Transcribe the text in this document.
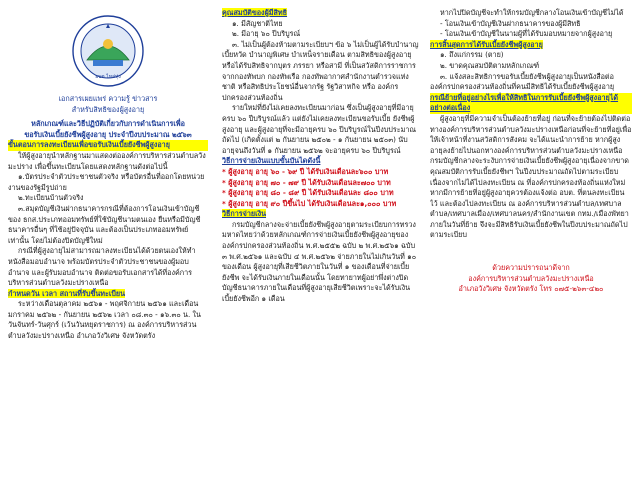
อบต.ไหล่ทุ่ง

เอกสารเผยแพร่ ความรู้ ข่าวสาร

สำหรับสิทธิของผู้สูงอายุ

หลักเกณฑ์และวิธีปฏิบัติเกี่ยวกับการดำเนินการเพื่อ

ขอรับเงินเบี้ยยังชีพผู้สูงอายุ ประจำปีงบประมาณ ๒๕๖๓

ขั้นตอนการลงทะเบียนเพื่อขอรับเงินเบี้ยยังชีพผู้สูงอายุ

ให้ผู้สูงอายุนำหลักฐานมาแสดงต่อองค์การบริหารส่วนตำบลวังมะปราง เพื่อขึ้นทะเบียนโดยแสดงหลักฐานดังต่อไปนี้

๑.บัตรประจำตัวประชาชนตัวจริง หรือบัตรอื่นที่ออกโดยหน่วยงานของรัฐมีรูปถ่าย

๒.ทะเบียนบ้านตัวจริง

๓.สมุดบัญชีเงินฝากธนาคารกรณีที่ต้องการโอนเงินเข้าบัญชีของ ธกส.ประเภทออมทรัพย์ที่ใช้บัญชีนามตนเอง ยืนหรือมีบัญชีธนาคารอื่นๆ ที่ใช้อยู่ปัจจุบัน และต้องเป็นประเภทออมทรัพย์เท่านั้น โดยไม่ต้องปิดบัญชีใหม่

กรณีที่ผู้สูงอายุไม่สามารถมาลงทะเบียนได้ด้วยตนเองให้ทำหนังสือมอบอำนาจ พร้อมบัตรประจำตัวประชาชนของผู้มอบอำนาจ และผู้รับมอบอำนาจ ติดต่อขอรับเอกสารได้ที่องค์การบริหารส่วนตำบลวังมะปรางเหนือ

กำหนดวัน เวลา สถานที่รับขึ้นทะเบียน

ระหว่างเดือนตุลาคม ๒๕๖๑ - พฤศจิกายน ๒๕๖๑ และเดือนมกราคม ๒๕๖๒ - กันยายน ๒๕๖๒ เวลา ๐๘.๓๐ - ๑๖.๓๐ น. ในวันจันทร์-วันศุกร์ (เว้นวันหยุดราชการ) ณ องค์การบริหารส่วนตำบลวังมะปรางเหนือ อำเภอวังวิเศษ จังหวัดตรัง

คุณสมบัติของผู้มีสิทธิ

๑. มีสัญชาติไทย

๒. มีอายุ ๖๐ ปีบริบูรณ์

๓. ไม่เป็นผู้ต้องห้ามตามระเบียบฯ ข้อ ๖ ไม่เป็นผู้ได้รับบำนาญ เบี้ยหวัด บำนาญพิเศษ บำเหน็จรายเดือน ตามสิทธิของผู้สูงอายุ หรือได้รับสิทธิจากบุตร ภรรยา หรือสามี ที่เป็นสวัสดิการราชการ จากกองทัพบก กองทัพเรือ กองทัพอากาศสำนักงานตำรวจแห่งชาติ หรือสิทธิประโยชน์อื่นจากรัฐ รัฐวิสาหกิจ หรือ องค์กรปกครองส่วนท้องถิ่น

รายใหม่ที่ยังไม่เคยลงทะเบียนมาก่อน ซึ่งเป็นผู้สูงอายุที่มีอายุครบ ๖๐ ปีบริบูรณ์แล้ว แต่ยังไม่เคยลงทะเบียนขอรับเบี้ย ยังชีพผู้สูงอายุ และผู้สูงอายุที่จะมีอายุครบ ๖๐ ปีบริบูรณ์ในปีงบประมาณถัดไป (เกิดตั้งแต่ ๒ กันยายน ๒๕๐๒ - ๑ กันยายน ๒๕๐๓) นับอายุจนถึงวันที่ ๑ กันยายน ๒๕๖๒ จะอายุครบ ๖๐ ปีบริบูรณ์

วิธีการจ่ายเงินแบบขั้นบันไดดังนี้

* ผู้สูงอายุ อายุ ๖๐ - ๖๙ ปี ได้รับเงินเดือนละ๖๐๐ บาท

* ผู้สูงอายุ อายุ ๗๐ - ๗๙ ปี ได้รับเงินเดือนละ๗๐๐ บาท

* ผู้สูงอายุ อายุ ๘๐ - ๘๙ ปี ได้รับเงินเดือนละ ๘๐๐ บาท

* ผู้สูงอายุ อายุ ๙๐ ปีขึ้นไป ได้รับเงินเดือนละ๑,๐๐๐ บาท

วิธีการจ่ายเงิน

กรมบัญชีกลางจะจ่ายเบี้ยยังชีพผู้สูงอายุตามระเบียบการทรวงมหาดไทยว่าด้วยหลักเกณฑ์การจ่ายเงินเบี้ยยังชีพผู้สูงอายุขององค์กรปกครองส่วนท้องถิ่น พ.ศ.๒๕๕๒ ฉบับ ๒ พ.ศ.๒๕๖๑ ฉบับ ๓ พ.ศ.๒๕๖๑ และฉบับ ๔ พ.ศ.๒๕๖๒ จ่ายภายในไม่เกินวันที่ ๑๐ ของเดือน ผู้สูงอายุที่เสียชีวิตภายในวันที่ ๑ ของเดือนที่จ่ายเบี้ยยังชีพ จะได้รับเงินภายในเดือนนั้น โดยทายาทผู้อย่าพึ่งต่างปิดบัญชีธนาคารภายในเดือนที่ผู้สูงอายุเสียชีวิตเพราะจะได้รับเงินเบี้ยยังชีพอีก ๑ เดือน

หากไปปิดบัญชีจะทำให้กรมบัญชีกลางโอนเงินเข้าบัญชีไม่ได้

- โอนเงินเข้าบัญชีเงินฝากธนาคารของผู้มีสิทธิ

- โอนเงินเข้าบัญชีในนามผู้ที่ได้รับมอบหมายจากผู้สูงอายุ

การสิ้นสุดการได้รับเบี้ยยังชีพผู้สูงอายุ

๑. ถึงแก่กรรม (ตาย)

๒. ขาดคุณสมบัติตามหลักเกณฑ์

๓. แจ้งสละสิทธิการขอรับเบี้ยยังชีพผู้สูงอายุเป็นหนังสือต่อองค์กรปกครองส่วนท้องถิ่นที่คนมีสิทธิได้รับเบี้ยยังชีพผู้สูงอายุ

กรณีย้ายที่อยู่อย่างไรเพื่อให้สิทธิในการรับเบี้ยยังชีพผู้สูงอายุได้อย่างต่อเนื่อง

ผู้สูงอายุที่มีความจำเป็นต้องย้ายที่อยู่ ก่อนที่จะย้ายต้องไปติดต่อทางองค์การบริหารส่วนตำบลวังมะปรางเหนือก่อนที่จะย้ายที่อยู่เพื่อให้เจ้าหน้าที่งานสวัสดิการสังคม จะได้แนะนำการย้าย หากผู้สูงอายุลงย้ายไปนอกทางองค์การบริหารส่วนตำบลวังมะปรางเหนือ กรมบัญชีกลางจะระงับการจ่ายเงินเบี้ยยังชีพผู้สูงอายุเนื่องจากขาดคุณสมบัติการรับเบี้ยยังชีพฯ ในปีงบประมาณถัดไปตามระเบียบ เนื่องจากไม่ได้ไปลงทะเบียน ณ ที่องค์กรปกครองท้องถิ่นแห่งใหม่ หากมีการย้ายที่อยู่ผู้สูงอายุควรต้องแจ้งต่อ อบต. ที่ตนลงทะเบียนไว้ และต้องไปลงทะเบียน ณ องค์การบริหารส่วนตำบล/เทศบาลตำบล/เทศบาลเมือง/เทศบาลนคร/สำนักงานเขต กทม./เมืองพัทยา ภายในวันที่ย้าย จึงจะมีสิทธิรับเงินเบี้ยยังชีพในปีงบประมาณถัดไป ตามระเบียบ

ด้วยความปรารถนาดีจาก

องค์การบริหารส่วนตำบลวังมะปรางเหนือ

อำเภอวังวิเศษ จังหวัดตรัง โทร ๐๗๕-๒๖๓-๔๒๐
